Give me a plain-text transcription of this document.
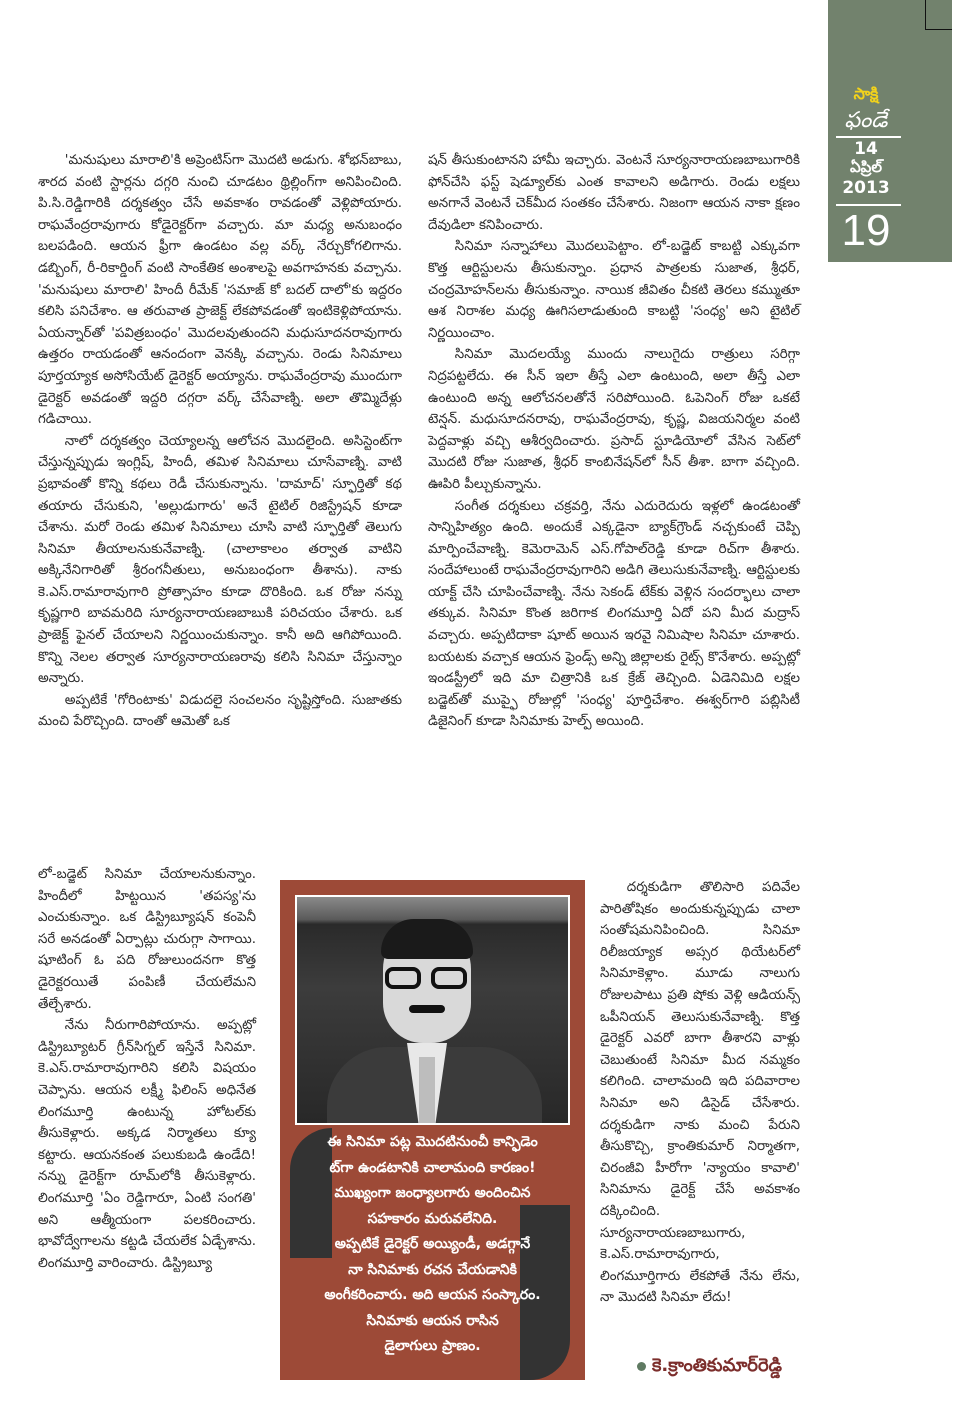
సాక్షి
ఫండే
14
ఏప్రిల్
2013
19

'మనుషులు మారాలి'కి అప్రెంటిస్‌గా మొదటి అడుగు. శోభన్‌బాబు, శారద వంటి స్టార్లను దగ్గరి నుంచి చూడటం థ్రిల్లింగ్‌గా అనిపించింది. పి.సి.రెడ్డిగారికి దర్శకత్వం చేసే అవకాశం రావడంతో వెళ్లిపోయారు. రాఘవేంద్రరావుగారు కోడైరెక్టర్‌గా వచ్చారు. మా మధ్య అనుబంధం బలపడింది. ఆయన ఫ్రీగా ఉండటం వల్ల వర్క్ నేర్చుకోగలిగాను. డబ్బింగ్, రీ-రికార్డింగ్ వంటి సాంకేతిక అంశాలపై అవగాహనకు వచ్చాను. 'మనుషులు మారాలి' హిందీ రీమేక్ 'సమాజ్ కో బదల్ దాలో'కు ఇద్దరం కలిసి పనిచేశాం. ఆ తరువాత ప్రాజెక్ట్ లేకపోవడంతో ఇంటికెళ్లిపోయాను. ఏయన్నార్‌తో 'పవిత్రబంధం' మొదలవుతుందని మధుసూదనరావుగారు ఉత్తరం రాయడంతో ఆనందంగా వెనక్కి వచ్చాను. రెండు సినిమాలు పూర్తయ్యాక అసోసియేట్ డైరెక్టర్ అయ్యాను. రాఘవేంద్రరావు ముందుగా డైరెక్టర్ అవడంతో ఇద్దరి దగ్గరా వర్క్ చేసేవాణ్ని. అలా తొమ్మిదేళ్లు గడిచాయి.

నాలో దర్శకత్వం చెయ్యాలన్న ఆలోచన మొదలైంది. అసిస్టెంట్‌గా చేస్తున్నప్పుడు ఇంగ్లిష్, హిందీ, తమిళ సినిమాలు చూసేవాణ్ని. వాటి ప్రభావంతో కొన్ని కథలు రెడీ చేసుకున్నాను. 'దామాద్' స్ఫూర్తితో కథ తయారు చేసుకుని, 'అల్లుడుగారు' అనే టైటిల్ రిజిస్ట్రేషన్ కూడా చేశాను. మరో రెండు తమిళ సినిమాలు చూసి వాటి స్ఫూర్తితో తెలుగు సినిమా తీయాలనుకునేవాణ్ని. (చాలాకాలం తర్వాత వాటిని అక్కినేనిగారితో శ్రీరంగనీతులు, అనుబంధంగా తీశాను). నాకు కె.ఎస్.రామారావుగారి ప్రోత్సాహం కూడా దొరికింది. ఒక రోజు నన్ను కృష్ణగారి బావమరిది సూర్యనారాయణబాబుకి పరిచయం చేశారు. ఒక ప్రాజెక్ట్ ఫైనల్ చేయాలని నిర్ణయించుకున్నాం. కానీ అది ఆగిపోయింది. కొన్ని నెలల తర్వాత సూర్యనారాయణరావు కలిసి సినిమా చేస్తున్నాం అన్నారు.

అప్పటికే 'గోరింటాకు' విడుదలై సంచలనం సృష్టిస్తోంది. సుజాతకు మంచి పేరొచ్చింది. దాంతో ఆమెతో ఒక

లో-బడ్జెట్ సినిమా చేయాలనుకున్నాం. హిందీలో హిట్టయిన 'తపస్య'ను ఎంచుకున్నాం. ఒక డిస్ట్రిబ్యూషన్ కంపెనీ సరే అనడంతో ఏర్పాట్లు చురుగ్గా సాగాయి. షూటింగ్ ఓ పది రోజులుందనగా కొత్త డైరెక్టరయితే పంపిణీ చేయలేమని తేల్చేశారు.

నేను నీరుగారిపోయాను. అప్పట్లో డిస్ట్రిబ్యూటర్ గ్రీన్‌సిగ్నల్ ఇస్తేనే సినిమా. కె.ఎస్.రామారావుగారిని కలిసి విషయం చెప్పాను. ఆయన లక్ష్మీ ఫిలింస్ అధినేత లింగమూర్తి ఉంటున్న హోటల్‌కు తీసుకెళ్లారు. అక్కడ నిర్మాతలు క్యూ కట్టారు. ఆయనకంత పలుకుబడి ఉండేది! నన్ను డైరెక్ట్‌గా రూమ్‌లోకి తీసుకెళ్లారు. లింగమూర్తి 'ఏం రెడ్డిగారూ, ఏంటి సంగతి' అని ఆత్మీయంగా పలకరించారు. భావోద్వేగాలను కట్టడి చేయలేక ఏడ్చేశాను. లింగమూర్తి వారించారు. డిస్ట్రిబ్యూ

షన్ తీసుకుంటానని హామీ ఇచ్చారు. వెంటనే సూర్యనారాయణబాబుగారికి ఫోన్‌చేసి ఫస్ట్ షెడ్యూల్‌కు ఎంత కావాలని అడిగారు. రెండు లక్షలు అనగానే వెంటనే చెక్‌మీద సంతకం చేసేశారు. నిజంగా ఆయన నాకా క్షణం దేవుడిలా కనిపించారు.

సినిమా సన్నాహాలు మొదలుపెట్టాం. లో-బడ్జెట్ కాబట్టి ఎక్కువగా కొత్త ఆర్టిస్టులను తీసుకున్నాం. ప్రధాన పాత్రలకు సుజాత, శ్రీధర్, చంద్రమోహన్‌లను తీసుకున్నాం. నాయిక జీవితం చీకటి తెరలు కమ్ముతూ ఆశ నిరాశల మధ్య ఊగిసలాడుతుంది కాబట్టి 'సంధ్య' అని టైటిల్ నిర్ణయించాం.

సినిమా మొదలయ్యే ముందు నాలుగైదు రాత్రులు సరిగ్గా నిద్రపట్టలేదు. ఈ సీన్ ఇలా తీస్తే ఎలా ఉంటుంది, అలా తీస్తే ఎలా ఉంటుంది అన్న ఆలోచనలతోనే సరిపోయింది. ఓపెనింగ్ రోజు ఒకటే టెన్షన్. మధుసూదనరావు, రాఘవేంద్రరావు, కృష్ణ, విజయనిర్మల వంటి పెద్దవాళ్లు వచ్చి ఆశీర్వదించారు. ప్రసాద్ స్టూడియోలో వేసిన సెట్‌లో మొదటి రోజు సుజాత, శ్రీధర్ కాంబినేషన్‌లో సీన్ తీశా. బాగా వచ్చింది. ఊపిరి పీల్చుకున్నాను.

సంగీత దర్శకులు చక్రవర్తి, నేను ఎదురెదురు ఇళ్లలో ఉండటంతో సాన్నిహిత్యం ఉంది. అందుకే ఎక్కడైనా బ్యాక్‌గ్రౌండ్ నచ్చకుంటే చెప్పి మార్పించేవాణ్ని. కెమెరామెన్ ఎస్.గోపాల్‌రెడ్డి కూడా రిచ్‌గా తీశారు. సందేహాలుంటే రాఘవేంద్రరావుగారిని అడిగి తెలుసుకునేవాణ్ని. ఆర్టిస్టులకు యాక్ట్ చేసి చూపించేవాణ్ని. నేను సెకండ్ టేక్‌కు వెళ్లిన సందర్భాలు చాలా తక్కువ. సినిమా కొంత జరిగాక లింగమూర్తి ఏదో పని మీద మద్రాస్ వచ్చారు. అప్పటిదాకా షూట్ అయిన ఇరవై నిమిషాల సినిమా చూశారు. బయటకు వచ్చాక ఆయన ఫ్రెండ్స్ అన్ని జిల్లాలకు రైట్స్ కొనేశారు. అప్పట్లో ఇండస్ట్రీలో ఇది మా చిత్రానికి ఒక క్రేజ్ తెచ్చింది. ఏడెనిమిది లక్షల బడ్జెట్‌తో ముప్ఫై రోజుల్లో 'సంధ్య' పూర్తిచేశాం. ఈశ్వర్‌గారి పబ్లిసిటీ డిజైనింగ్ కూడా సినిమాకు హెల్ప్ అయింది.

దర్శకుడిగా తొలిసారి పదివేల పారితోషికం అందుకున్నప్పుడు చాలా సంతోషమనిపించింది. సినిమా రిలీజయ్యాక అప్సర థియేటర్‌లో సినిమాకెళ్లాం. మూడు నాలుగు రోజులపాటు ప్రతి షోకు వెళ్లి ఆడియన్స్ ఒపీనియన్ తెలుసుకునేవాణ్ని. కొత్త డైరెక్టర్ ఎవరో బాగా తీశారని వాళ్లు చెబుతుంటే సినిమా మీద నమ్మకం కలిగింది. చాలామంది ఇది పదివారాల సినిమా అని డిసైడ్ చేసేశారు. దర్శకుడిగా నాకు మంచి పేరుని తీసుకొచ్చి, క్రాంతికుమార్ నిర్మాతగా, చిరంజీవి హీరోగా 'న్యాయం కావాలి' సినిమాను డైరెక్ట్ చేసే అవకాశం దక్కించింది. సూర్యనారాయణబాబుగారు, కె.ఎస్.రామారావుగారు, లింగమూర్తిగారు లేకపోతే నేను లేను, నా మొదటి సినిమా లేదు!

ఈ సినిమా పట్ల మొదటినుంచీ కాన్ఫిడెం
ట్‌గా ఉండటానికి చాలామంది కారణం!
ముఖ్యంగా జంధ్యాలగారు అందించిన
సహకారం మరువలేనిది.
అప్పటికే డైరెక్టర్ అయ్యిండీ, అడగ్గానే
నా సినిమాకు రచన చేయడానికి
అంగీకరించారు. అది ఆయన సంస్కారం.
సినిమాకు ఆయన రాసిన
డైలాగులు ప్రాణం.
కె.క్రాంతికుమార్‌రెడ్డి
